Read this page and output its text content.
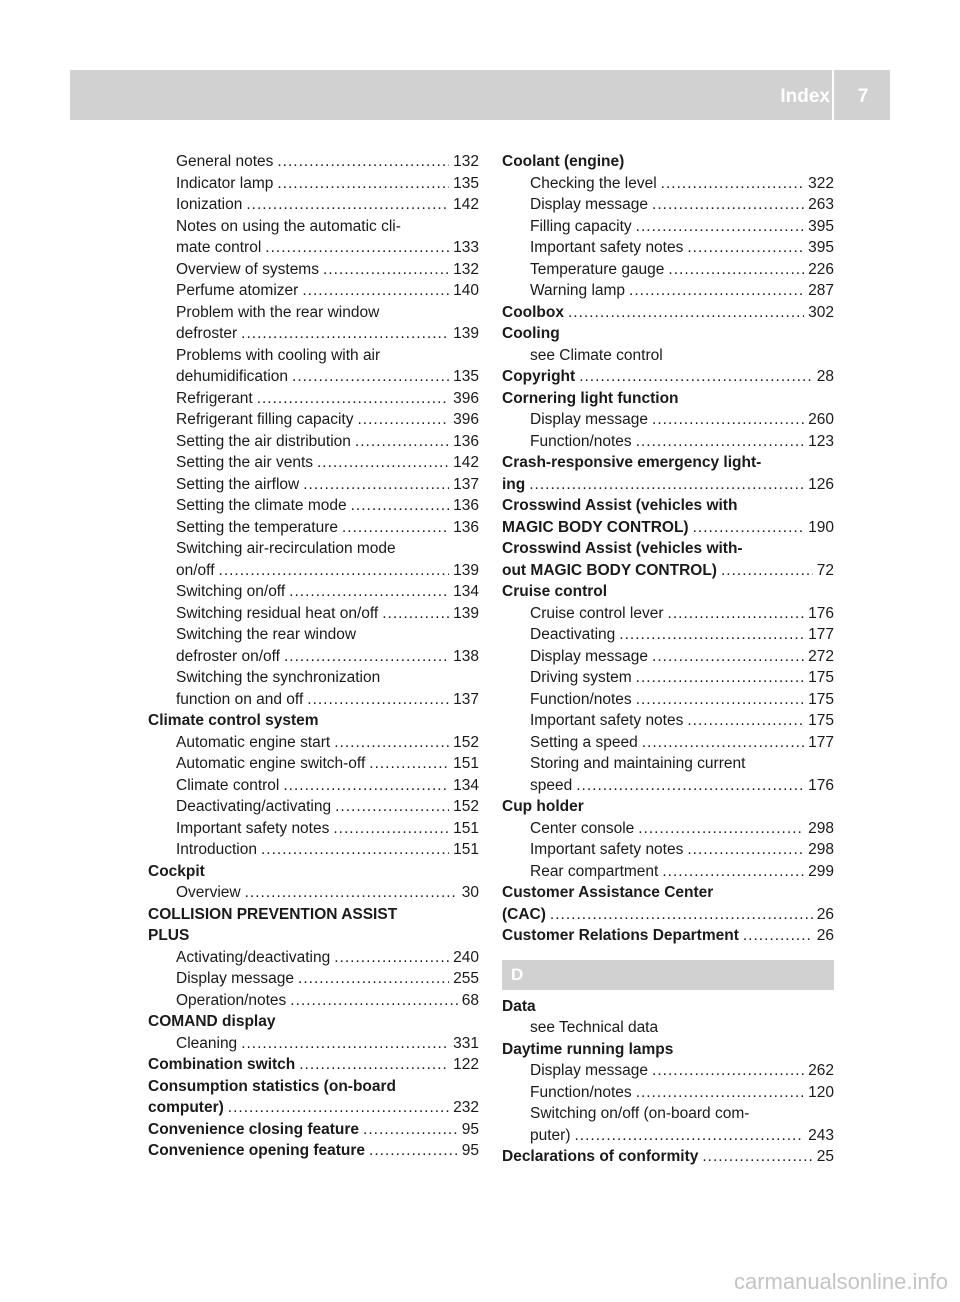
Index	7
General notes .....	132
Indicator lamp .....	135
Ionization .....	142
Notes on using the automatic cli-
mate control .....	133
Overview of systems .....	132
Perfume atomizer .....	140
Problem with the rear window
defroster .....	139
Problems with cooling with air
dehumidification .....	135
Refrigerant .....	396
Refrigerant filling capacity .....	396
Setting the air distribution .....	136
Setting the air vents .....	142
Setting the airflow .....	137
Setting the climate mode .....	136
Setting the temperature .....	136
Switching air-recirculation mode
on/off .....	139
Switching on/off .....	134
Switching residual heat on/off .....	139
Switching the rear window
defroster on/off .....	138
Switching the synchronization
function on and off .....	137
Climate control system
Automatic engine start .....	152
Automatic engine switch-off .....	151
Climate control .....	134
Deactivating/activating .....	152
Important safety notes .....	151
Introduction .....	151
Cockpit
Overview .....	30
COLLISION PREVENTION ASSIST
PLUS
Activating/deactivating .....	240
Display message .....	255
Operation/notes .....	68
COMAND display
Cleaning .....	331
Combination switch .....	122
Consumption statistics (on-board
computer) .....	232
Convenience closing feature .....	95
Convenience opening feature .....	95
Coolant (engine)
Checking the level .....	322
Display message .....	263
Filling capacity .....	395
Important safety notes .....	395
Temperature gauge .....	226
Warning lamp .....	287
Coolbox .....	302
Cooling
see Climate control
Copyright .....	28
Cornering light function
Display message .....	260
Function/notes .....	123
Crash-responsive emergency light-
ing .....	126
Crosswind Assist (vehicles with
MAGIC BODY CONTROL) .....	190
Crosswind Assist (vehicles with-
out MAGIC BODY CONTROL) .....	72
Cruise control
Cruise control lever .....	176
Deactivating .....	177
Display message .....	272
Driving system .....	175
Function/notes .....	175
Important safety notes .....	175
Setting a speed .....	177
Storing and maintaining current
speed .....	176
Cup holder
Center console .....	298
Important safety notes .....	298
Rear compartment .....	299
Customer Assistance Center
(CAC) .....	26
Customer Relations Department .....	26
D
Data
see Technical data
Daytime running lamps
Display message .....	262
Function/notes .....	120
Switching on/off (on-board com-
puter) .....	243
Declarations of conformity .....	25
carmanualsonline.info
